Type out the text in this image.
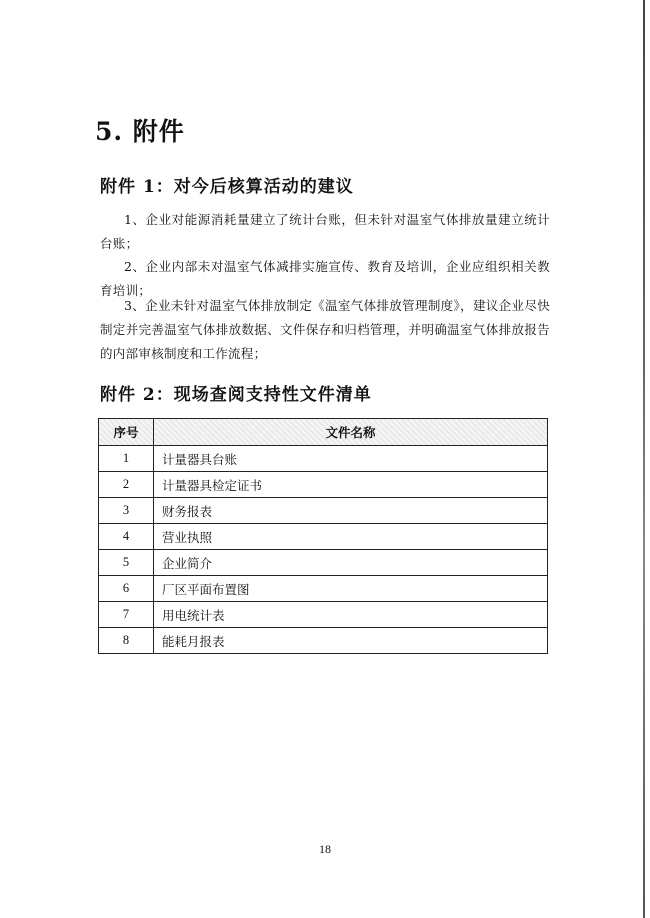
5. 附件
附件 1：对今后核算活动的建议

1、企业对能源消耗量建立了统计台账，但未针对温室气体排放量建立统计台账；

2、企业内部未对温室气体减排实施宣传、教育及培训，企业应组织相关教育培训；

3、企业未针对温室气体排放制定《温室气体排放管理制度》，建议企业尽快制定并完善温室气体排放数据、文件保存和归档管理，并明确温室气体排放报告的内部审核制度和工作流程；

附件 2：现场查阅支持性文件清单
序号	文件名称
1	计量器具台账
2	计量器具检定证书
3	财务报表
4	营业执照
5	企业简介
6	厂区平面布置图
7	用电统计表
8	能耗月报表
18
